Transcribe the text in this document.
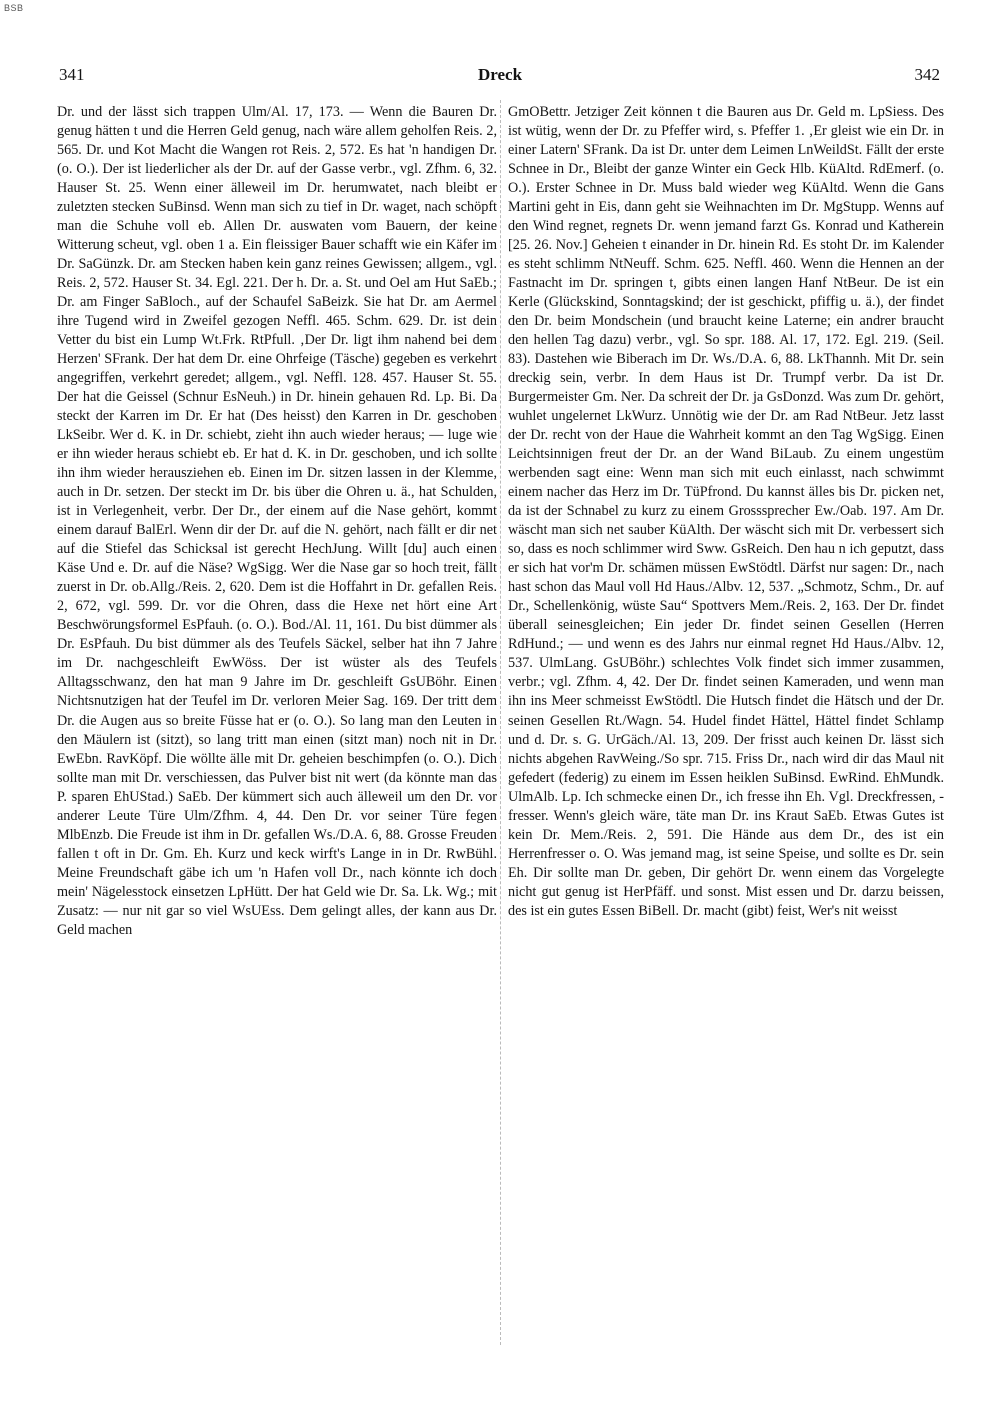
BSB
341	Dreck	342

Dr. und der lässt sich trappen Ulm/Al. 17, 173. — Wenn die Bauren Dr. genug hätten t und die Herren Geld genug, nach wäre allem geholfen Reis. 2, 565. Dr. und Kot Macht die Wangen rot Reis. 2, 572. Es hat 'n handigen Dr. (o. O.). Der ist liederlicher als der Dr. auf der Gasse verbr., vgl. Zfhm. 6, 32. Hauser St. 25. Wenn einer älleweil im Dr. herumwatet, nach bleibt er zuletzten stecken SuBinsd. Wenn man sich zu tief in Dr. waget, nach schöpft man die Schuhe voll eb. Allen Dr. auswaten vom Bauern, der keine Witterung scheut, vgl. oben 1 a. Ein fleissiger Bauer schafft wie ein Käfer im Dr. SaGünzk. Dr. am Stecken haben kein ganz reines Gewissen; allgem., vgl. Reis. 2, 572. Hauser St. 34. Egl. 221. Der h. Dr. a. St. und Oel am Hut SaEb.; Dr. am Finger SaBloch., auf der Schaufel SaBeizk. Sie hat Dr. am Aermel ihre Tugend wird in Zweifel gezogen Neffl. 465. Schm. 629. Dr. ist dein Vetter du bist ein Lump Wt.Frk. RtPfull. ‚Der Dr. ligt ihm nahend bei dem Herzen' SFrank. Der hat dem Dr. eine Ohrfeige (Täsche) gegeben es verkehrt angegriffen, verkehrt geredet; allgem., vgl. Neffl. 128. 457. Hauser St. 55. Der hat die Geissel (Schnur EsNeuh.) in Dr. hinein gehauen Rd. Lp. Bi. Da steckt der Karren im Dr. Er hat (Des heisst) den Karren in Dr. geschoben LkSeibr. Wer d. K. in Dr. schiebt, zieht ihn auch wieder heraus; — luge wie er ihn wieder heraus schiebt eb. Er hat d. K. in Dr. geschoben, und ich sollte ihn ihm wieder herausziehen eb. Einen im Dr. sitzen lassen in der Klemme, auch in Dr. setzen. Der steckt im Dr. bis über die Ohren u. ä., hat Schulden, ist in Verlegenheit, verbr. Der Dr., der einem auf die Nase gehört, kommt einem darauf BalErl. Wenn dir der Dr. auf die N. gehört, nach fällt er dir net auf die Stiefel das Schicksal ist gerecht HechJung. Willt [du] auch einen Käse Und e. Dr. auf die Näse? WgSigg. Wer die Nase gar so hoch treit, fällt zuerst in Dr. ob.Allg./Reis. 2, 620. Dem ist die Hoffahrt in Dr. gefallen Reis. 2, 672, vgl. 599. Dr. vor die Ohren, dass die Hexe net hört eine Art Beschwörungsformel EsPfauh. (o. O.). Bod./Al. 11, 161. Du bist dümmer als Dr. EsPfauh. Du bist dümmer als des Teufels Säckel, selber hat ihn 7 Jahre im Dr. nachgeschleift EwWöss. Der ist wüster als des Teufels Alltagsschwanz, den hat man 9 Jahre im Dr. geschleift GsUBöhr. Einen Nichtsnutzigen hat der Teufel im Dr. verloren Meier Sag. 169. Der tritt dem Dr. die Augen aus so breite Füsse hat er (o. O.). So lang man den Leuten in den Mäulern ist (sitzt), so lang tritt man einen (sitzt man) noch nit in Dr. EwEbn. RavKöpf. Die wöllte älle mit Dr. geheien beschimpfen (o. O.). Dich sollte man mit Dr. verschiessen, das Pulver bist nit wert (da könnte man das P. sparen EhUStad.) SaEb. Der kümmert sich auch älleweil um den Dr. vor anderer Leute Türe Ulm/Zfhm. 4, 44. Den Dr. vor seiner Türe fegen MlbEnzb. Die Freude ist ihm in Dr. gefallen Ws./D.A. 6, 88. Grosse Freuden fallen t oft in Dr. Gm. Eh. Kurz und keck wirft's Lange in in Dr. RwBühl. Meine Freundschaft gäbe ich um 'n Hafen voll Dr., nach könnte ich doch mein' Nägelesstock einsetzen LpHütt. Der hat Geld wie Dr. Sa. Lk. Wg.; mit Zusatz: — nur nit gar so viel WsUEss. Dem gelingt alles, der kann aus Dr. Geld machen

GmOBettr. Jetziger Zeit können t die Bauren aus Dr. Geld m. LpSiess. Des ist wütig, wenn der Dr. zu Pfeffer wird, s. Pfeffer 1. ‚Er gleist wie ein Dr. in einer Latern' SFrank. Da ist Dr. unter dem Leimen LnWeildSt. Fällt der erste Schnee in Dr., Bleibt der ganze Winter ein Geck Hlb. KüAltd. RdEmerf. (o. O.). Erster Schnee in Dr. Muss bald wieder weg KüAltd. Wenn die Gans Martini geht in Eis, dann geht sie Weihnachten im Dr. MgStupp. Wenns auf den Wind regnet, regnets Dr. wenn jemand farzt Gs. Konrad und Katherein [25. 26. Nov.] Geheien t einander in Dr. hinein Rd. Es stoht Dr. im Kalender es steht schlimm NtNeuff. Schm. 625. Neffl. 460. Wenn die Hennen an der Fastnacht im Dr. springen t, gibts einen langen Hanf NtBeur. De ist ein Kerle (Glückskind, Sonntagskind; der ist geschickt, pfiffig u. ä.), der findet den Dr. beim Mondschein (und braucht keine Laterne; ein andrer braucht den hellen Tag dazu) verbr., vgl. So spr. 188. Al. 17, 172. Egl. 219. (Seil. 83). Dastehen wie Biberach im Dr. Ws./D.A. 6, 88. LkThannh. Mit Dr. sein dreckig sein, verbr. In dem Haus ist Dr. Trumpf verbr. Da ist Dr. Burgermeister Gm. Ner. Da schreit der Dr. ja GsDonzd. Was zum Dr. gehört, wuhlet ungelernet LkWurz. Unnötig wie der Dr. am Rad NtBeur. Jetz lasst der Dr. recht von der Haue die Wahrheit kommt an den Tag WgSigg. Einen Leichtsinnigen freut der Dr. an der Wand BiLaub. Zu einem ungestüm werbenden sagt eine: Wenn man sich mit euch einlasst, nach schwimmt einem nacher das Herz im Dr. TüPfrond. Du kannst älles bis Dr. picken net, da ist der Schnabel zu kurz zu einem Grosssprecher Ew./Oab. 197. Am Dr. wäscht man sich net sauber KüAlth. Der wäscht sich mit Dr. verbessert sich so, dass es noch schlimmer wird Sww. GsReich. Den hau n ich geputzt, dass er sich hat vor'm Dr. schämen müssen EwStödtl. Därfst nur sagen: Dr., nach hast schon das Maul voll Hd Haus./Albv. 12, 537. „Schmotz, Schm., Dr. auf Dr., Schellenkönig, wüste Sau“ Spottvers Mem./Reis. 2, 163. Der Dr. findet überall seinesgleichen; Ein jeder Dr. findet seinen Gesellen (Herren RdHund.; — und wenn es des Jahrs nur einmal regnet Hd Haus./Albv. 12, 537. UlmLang. GsUBöhr.) schlechtes Volk findet sich immer zusammen, verbr.; vgl. Zfhm. 4, 42. Der Dr. findet seinen Kameraden, und wenn man ihn ins Meer schmeisst EwStödtl. Die Hutsch findet die Hätsch und der Dr. seinen Gesellen Rt./Wagn. 54. Hudel findet Hättel, Hättel findet Schlamp und d. Dr. s. G. UrGäch./Al. 13, 209. Der frisst auch keinen Dr. lässt sich nichts abgehen RavWeing./So spr. 715. Friss Dr., nach wird dir das Maul nit gefedert (federig) zu einem im Essen heiklen SuBinsd. EwRind. EhMundk. UlmAlb. Lp. Ich schmecke einen Dr., ich fresse ihn Eh. Vgl. Dreckfressen, -fresser. Wenn's gleich wäre, täte man Dr. ins Kraut SaEb. Etwas Gutes ist kein Dr. Mem./Reis. 2, 591. Die Hände aus dem Dr., des ist ein Herrenfresser o. O. Was jemand mag, ist seine Speise, und sollte es Dr. sein Eh. Dir sollte man Dr. geben, Dir gehört Dr. wenn einem das Vorgelegte nicht gut genug ist HerPfäff. und sonst. Mist essen und Dr. darzu beissen, des ist ein gutes Essen BiBell. Dr. macht (gibt) feist, Wer's nit weisst
